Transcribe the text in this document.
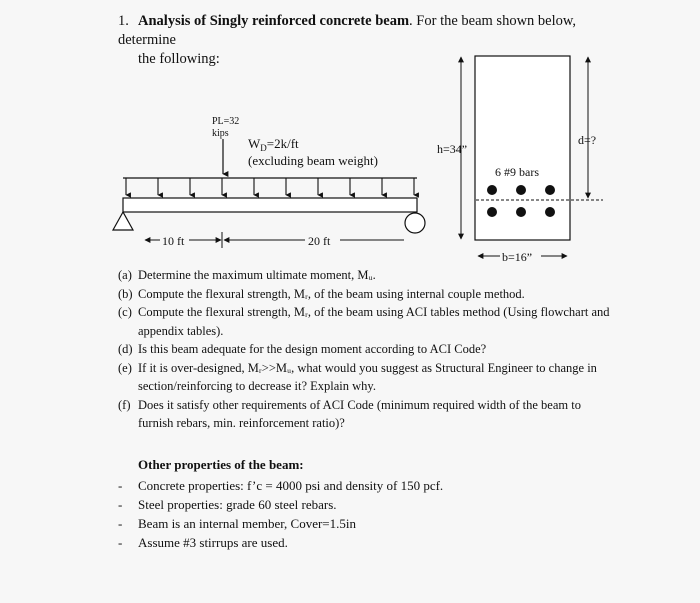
1. Analysis of Singly reinforced concrete beam. For the beam shown below, determine
the following:
PL=32
kips
$W_D=2k/ft$
(excluding beam weight)
10 ft	20 ft
h=34”
d=?
6 #9 bars
b=16”
(a) Determine the maximum ultimate moment, Mᵤ.
(b) Compute the flexural strength, Mᵣ, of the beam using internal couple method.
(c) Compute the flexural strength, Mᵣ, of the beam using ACI tables method (Using flowchart and appendix tables).
(d) Is this beam adequate for the design moment according to ACI Code?
(e) If it is over-designed, Mᵣ>>Mᵤ, what would you suggest as Structural Engineer to change in section/reinforcing to decrease it? Explain why.
(f) Does it satisfy other requirements of ACI Code (minimum required width of the beam to furnish rebars, min. reinforcement ratio)?
Other properties of the beam:
-	Concrete properties: f’c = 4000 psi and density of 150 pcf.
-	Steel properties: grade 60 steel rebars.
-	Beam is an internal member, Cover=1.5in
-	Assume #3 stirrups are used.
